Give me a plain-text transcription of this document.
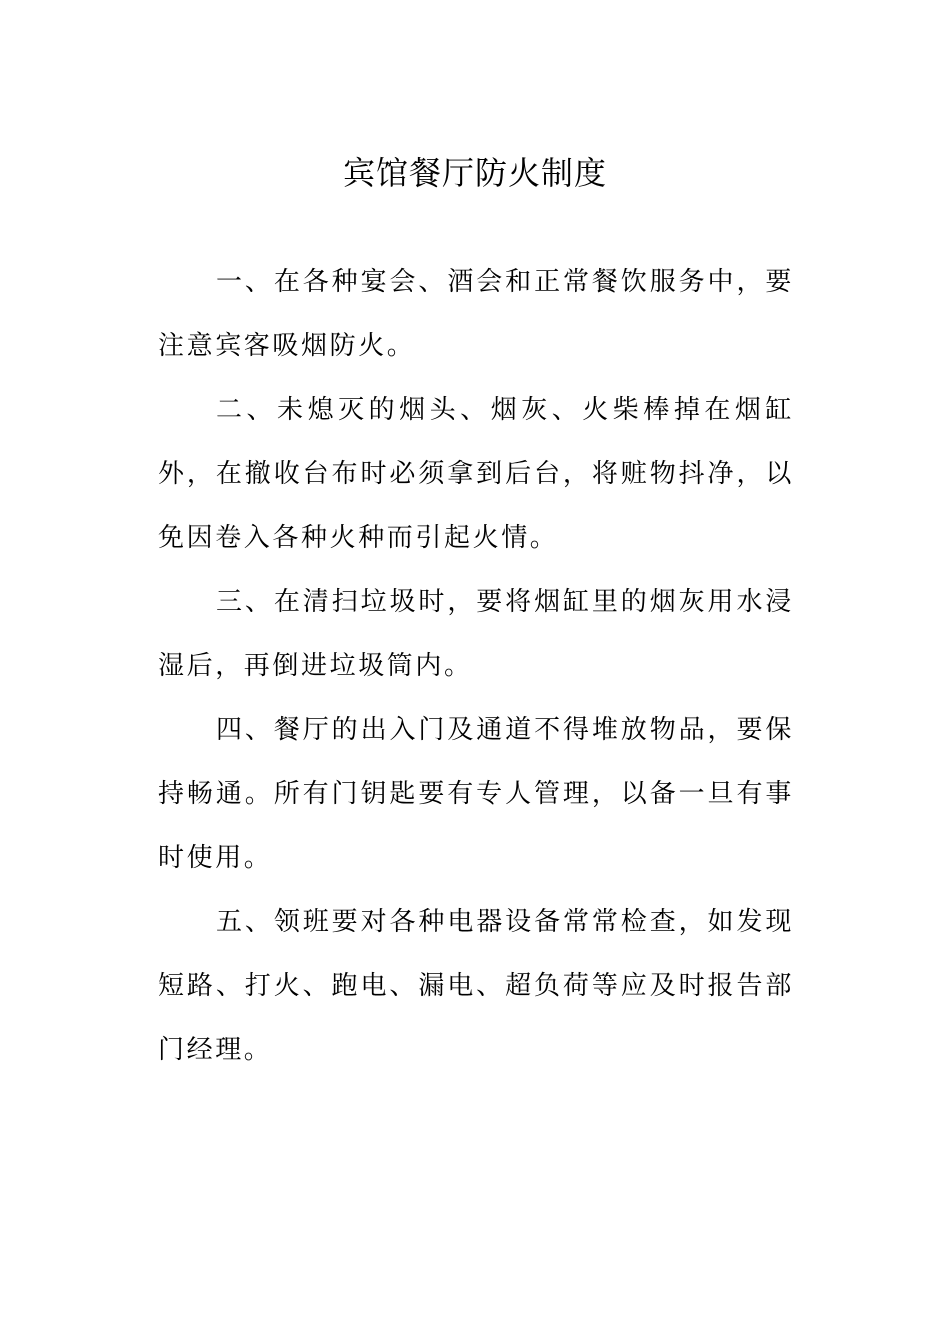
宾馆餐厅防火制度

一、在各种宴会、酒会和正常餐饮服务中，要注意宾客吸烟防火。

二、未熄灭的烟头、烟灰、火柴棒掉在烟缸外，在撤收台布时必须拿到后台，将赃物抖净，以免因卷入各种火种而引起火情。

三、在清扫垃圾时，要将烟缸里的烟灰用水浸湿后，再倒进垃圾筒内。

四、餐厅的出入门及通道不得堆放物品，要保持畅通。所有门钥匙要有专人管理，以备一旦有事时使用。

五、领班要对各种电器设备常常检查，如发现短路、打火、跑电、漏电、超负荷等应及时报告部门经理。
